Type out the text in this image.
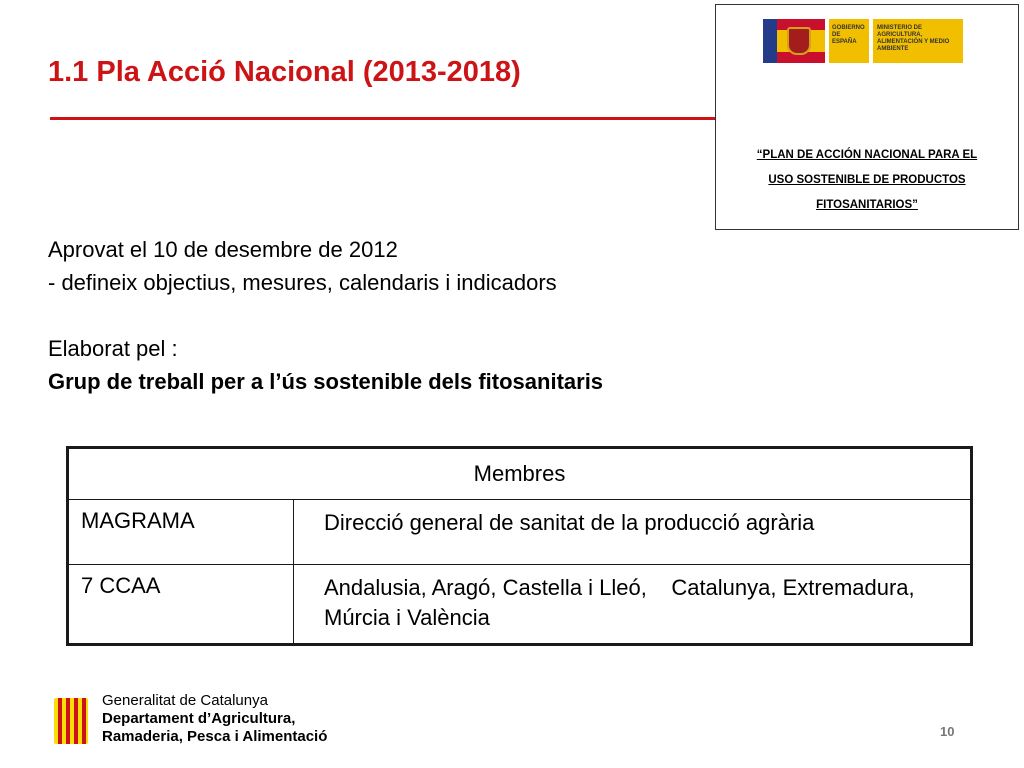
1.1 Pla Acció Nacional (2013-2018)
GOBIERNO DE ESPAÑA
MINISTERIO DE AGRICULTURA, ALIMENTACIÓN Y MEDIO AMBIENTE
“PLAN DE ACCIÓN NACIONAL PARA EL
USO SOSTENIBLE DE PRODUCTOS
FITOSANITARIOS”
Aprovat el 10 de desembre de 2012
- defineix objectius, mesures, calendaris i indicadors
Elaborat pel :
Grup de treball per a l’ús sostenible dels fitosanitaris
Membres	
MAGRAMA	Direcció general de sanitat de la producció agrària
7 CCAA	Andalusia, Aragó, Castella i Lleó,    Catalunya, Extremadura, Múrcia i València
Generalitat de Catalunya
Departament d’Agricultura,
Ramaderia, Pesca i Alimentació	10
